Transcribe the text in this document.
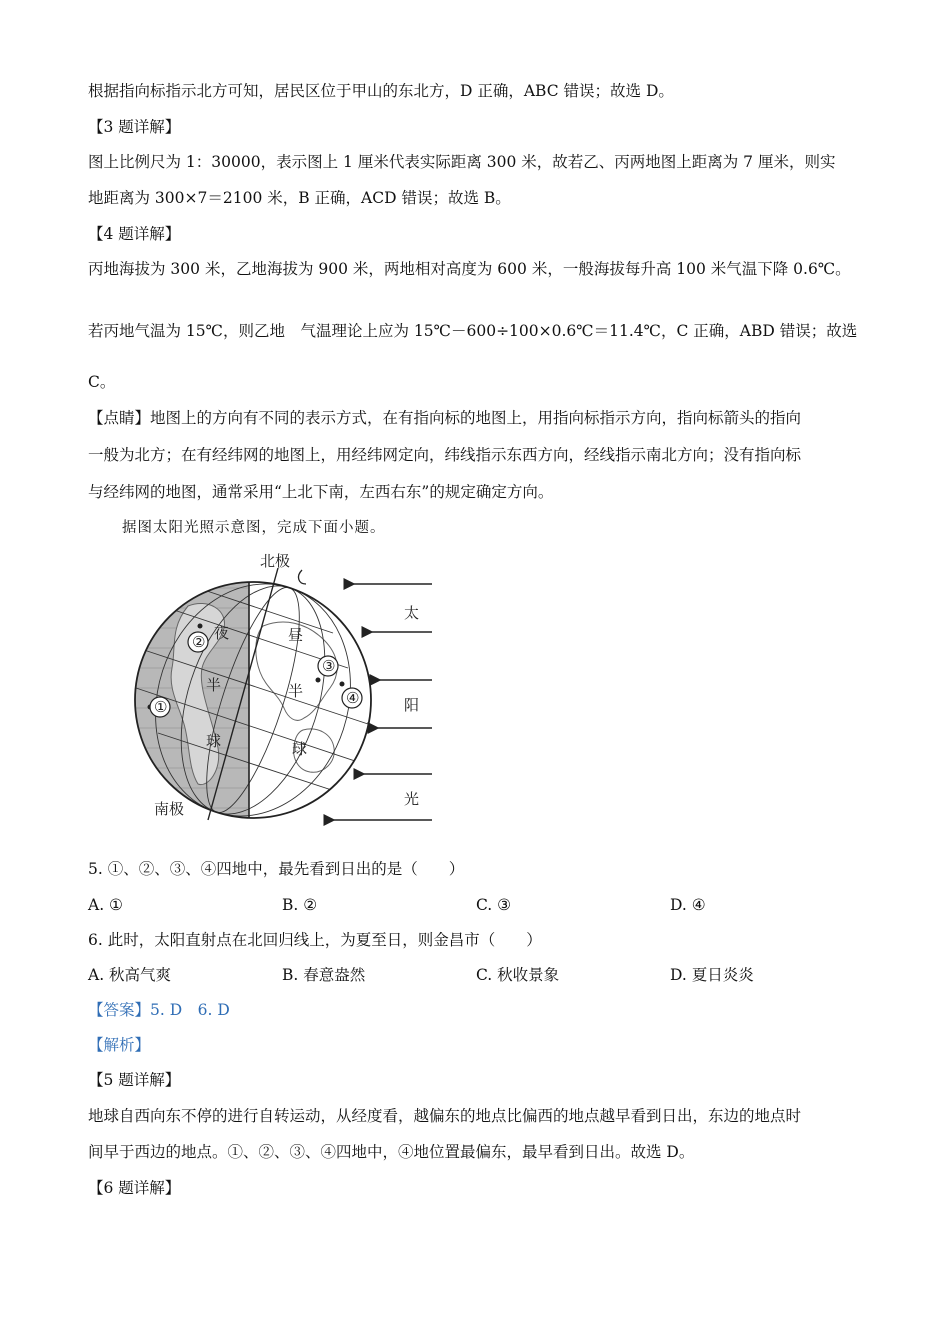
根据指向标指示北方可知，居民区位于甲山的东北方，D 正确，ABC 错误；故选 D。
【3 题详解】
图上比例尺为 1：30000，表示图上 1 厘米代表实际距离 300 米，故若乙、丙两地图上距离为 7 厘米，则实
地距离为 300×7＝2100 米，B 正确，ACD 错误；故选 B。
【4 题详解】
丙地海拔为 300 米，乙地海拔为 900 米，两地相对高度为 600 米，一般海拔每升高 100 米气温下降 0.6℃。
若丙地气温为 15℃，则乙地　气温理论上应为 15℃－600÷100×0.6℃＝11.4℃，C 正确，ABD 错误；故选
C。
【点睛】地图上的方向有不同的表示方式，在有指向标的地图上，用指向标指示方向，指向标箭头的指向
一般为北方；在有经纬网的地图上，用经纬网定向，纬线指示东西方向，经线指示南北方向；没有指向标
与经纬网的地图，通常采用“上北下南，左西右东”的规定确定方向。
据图太阳光照示意图，完成下面小题。
北极
南极
夜
半
球
昼
半
球
①
②
③
④
太
阳
光
5. ①、②、③、④四地中，最先看到日出的是（　　）
A. ①	B. ②	C. ③	D. ④
6. 此时，太阳直射点在北回归线上，为夏至日，则金昌市（　　）
A. 秋高气爽	B. 春意盎然	C. 秋收景象	D. 夏日炎炎
【答案】5. D　6. D
【解析】
【5 题详解】
地球自西向东不停的进行自转运动，从经度看，越偏东的地点比偏西的地点越早看到日出，东边的地点时
间早于西边的地点。①、②、③、④四地中，④地位置最偏东，最早看到日出。故选 D。
【6 题详解】
